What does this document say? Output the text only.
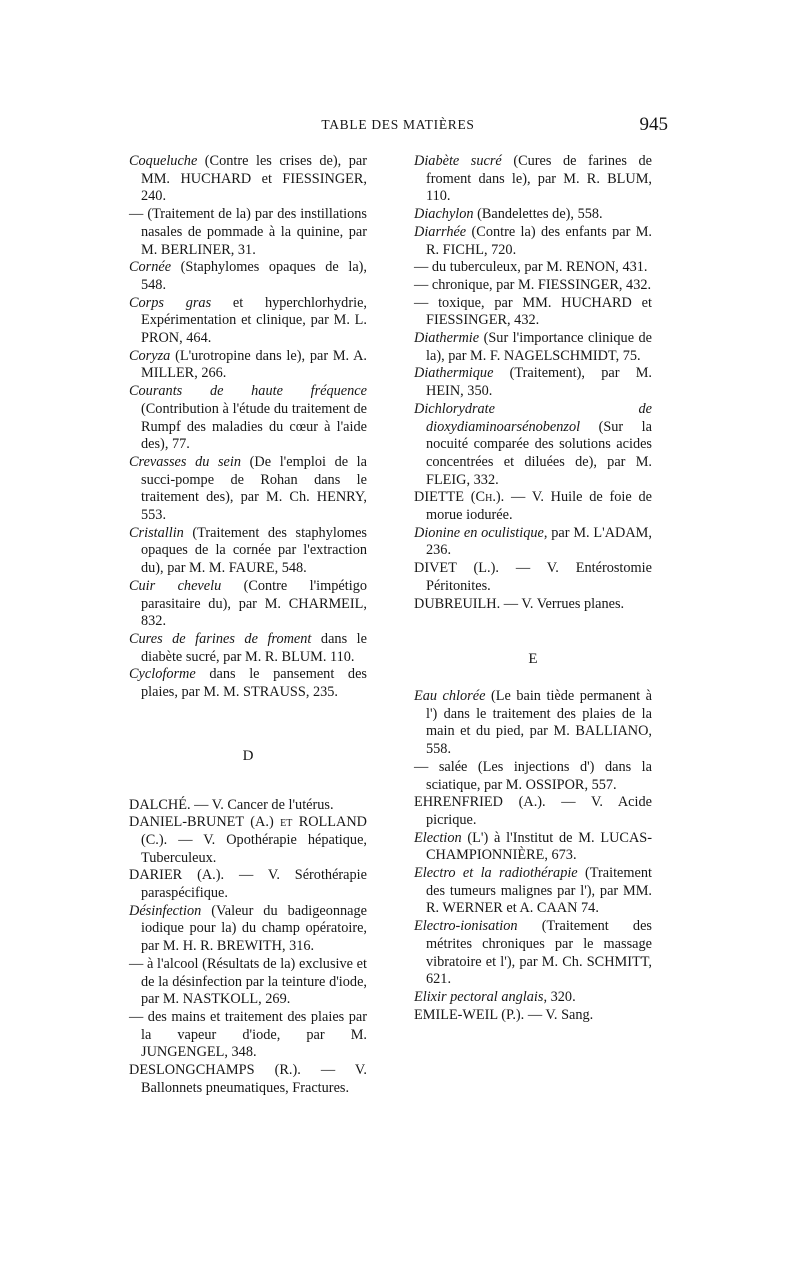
TABLE DES MATIÈRES	945

Coqueluche (Contre les crises de), par MM. HUCHARD et FIESSINGER, 240.

— (Traitement de la) par des instillations nasales de pommade à la quinine, par M. BERLINER, 31.

Cornée (Staphylomes opaques de la), 548.

Corps gras et hyperchlorhydrie, Expérimentation et clinique, par M. L. PRON, 464.

Coryza (L'urotropine dans le), par M. A. MILLER, 266.

Courants de haute fréquence (Contribution à l'étude du traitement de Rumpf des maladies du cœur à l'aide des), 77.

Crevasses du sein (De l'emploi de la succi-pompe de Rohan dans le traitement des), par M. Ch. HENRY, 553.

Cristallin (Traitement des staphylomes opaques de la cornée par l'extraction du), par M. M. FAURE, 548.

Cuir chevelu (Contre l'impétigo parasitaire du), par M. CHARMEIL, 832.

Cures de farines de froment dans le diabète sucré, par M. R. BLUM. 110.

Cycloforme dans le pansement des plaies, par M. M. STRAUSS, 235.

D

DALCHÉ. — V. Cancer de l'utérus.

DANIEL-BRUNET (A.) et ROLLAND (C.). — V. Opothérapie hépatique, Tuberculeux.

DARIER (A.). — V. Sérothérapie paraspécifique.

Désinfection (Valeur du badigeonnage iodique pour la) du champ opératoire, par M. H. R. BREWITH, 316.

— à l'alcool (Résultats de la) exclusive et de la désinfection par la teinture d'iode, par M. NASTKOLL, 269.

— des mains et traitement des plaies par la vapeur d'iode, par M. JUNGENGEL, 348.

DESLONGCHAMPS (R.). — V. Ballonnets pneumatiques, Fractures.

Diabète sucré (Cures de farines de froment dans le), par M. R. BLUM, 110.

Diachylon (Bandelettes de), 558.

Diarrhée (Contre la) des enfants par M. R. FICHL, 720.

— du tuberculeux, par M. RENON, 431.

— chronique, par M. FIESSINGER, 432.

— toxique, par MM. HUCHARD et FIESSINGER, 432.

Diathermie (Sur l'importance clinique de la), par M. F. NAGELSCHMIDT, 75.

Diathermique (Traitement), par M. HEIN, 350.

Dichlorydrate de dioxydiaminoarsénobenzol (Sur la nocuité comparée des solutions acides concentrées et diluées de), par M. FLEIG, 332.

DIETTE (Ch.). — V. Huile de foie de morue iodurée.

Dionine en oculistique, par M. L'ADAM, 236.

DIVET (L.). — V. Entérostomie Péritonites.

DUBREUILH. — V. Verrues planes.

E

Eau chlorée (Le bain tiède permanent à l') dans le traitement des plaies de la main et du pied, par M. BALLIANO, 558.

— salée (Les injections d') dans la sciatique, par M. OSSIPOR, 557.

EHRENFRIED (A.). — V. Acide picrique.

Election (L') à l'Institut de M. LUCAS-CHAMPIONNIÈRE, 673.

Electro et la radiothérapie (Traitement des tumeurs malignes par l'), par MM. R. WERNER et A. CAAN 74.

Electro-ionisation (Traitement des métrites chroniques par le massage vibratoire et l'), par M. Ch. SCHMITT, 621.

Elixir pectoral anglais, 320.

EMILE-WEIL (P.). — V. Sang.
